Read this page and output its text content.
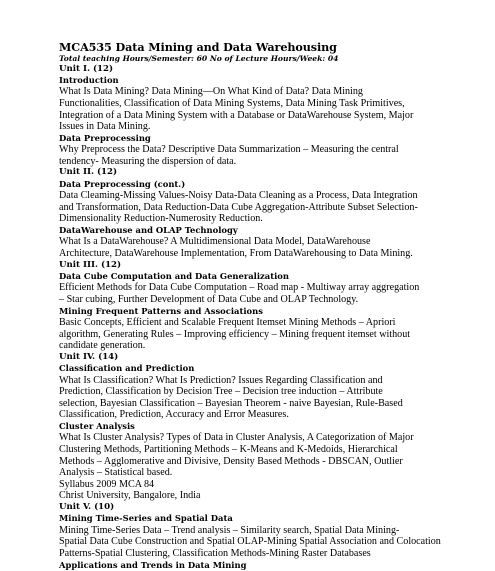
MCA535 Data Mining and Data Warehousing
Total teaching Hours/Semester: 60 No of Lecture Hours/Week: 04
Unit I. (12)
Introduction
What Is Data Mining? Data Mining—On What Kind of Data? Data Mining
Functionalities, Classification of Data Mining Systems, Data Mining Task Primitives,
Integration of a Data Mining System with a Database or DataWarehouse System, Major
Issues in Data Mining.
Data Preprocessing
Why Preprocess the Data? Descriptive Data Summarization – Measuring the central
tendency- Measuring the dispersion of data.
Unit II. (12)
Data Preprocessing (cont.)
Data Cleaming-Missing Values-Noisy Data-Data Cleaning as a Process, Data Integration
and Transformation, Data Reduction-Data Cube Aggregation-Attribute Subset Selection-
Dimensionality Reduction-Numerosity Reduction.
DataWarehouse and OLAP Technology
What Is a DataWarehouse? A Multidimensional Data Model, DataWarehouse
Architecture, DataWarehouse Implementation, From DataWarehousing to Data Mining.
Unit III. (12)
Data Cube Computation and Data Generalization
Efficient Methods for Data Cube Computation – Road map - Multiway array aggregation
– Star cubing, Further Development of Data Cube and OLAP Technology.
Mining Frequent Patterns and Associations
Basic Concepts, Efficient and Scalable Frequent Itemset Mining Methods – Apriori
algorithm, Generating Rules – Improving efficiency – Mining frequent itemset without
candidate generation.
Unit IV. (14)
Classification and Prediction
What Is Classification? What Is Prediction? Issues Regarding Classification and
Prediction, Classification by Decision Tree – Decision tree induction – Attribute
selection, Bayesian Classification – Bayesian Theorem - naive Bayesian, Rule-Based
Classification, Prediction, Accuracy and Error Measures.
Cluster Analysis
What Is Cluster Analysis? Types of Data in Cluster Analysis, A Categorization of Major
Clustering Methods, Partitioning Methods – K-Means and K-Medoids, Hierarchical
Methods – Agglomerative and Divisive, Density Based Methods - DBSCAN, Outlier
Analysis – Statistical based.
Syllabus 2009 MCA 84
Christ University, Bangalore, India
Unit V. (10)
Mining Time-Series and Spatial Data
Mining Time-Series Data – Trend analysis – Similarity search, Spatial Data Mining-
Spatial Data Cube Construction and Spatial OLAP-Mining Spatial Association and Colocation
Patterns-Spatial Clustering, Classification Methods-Mining Raster Databases
Applications and Trends in Data Mining
